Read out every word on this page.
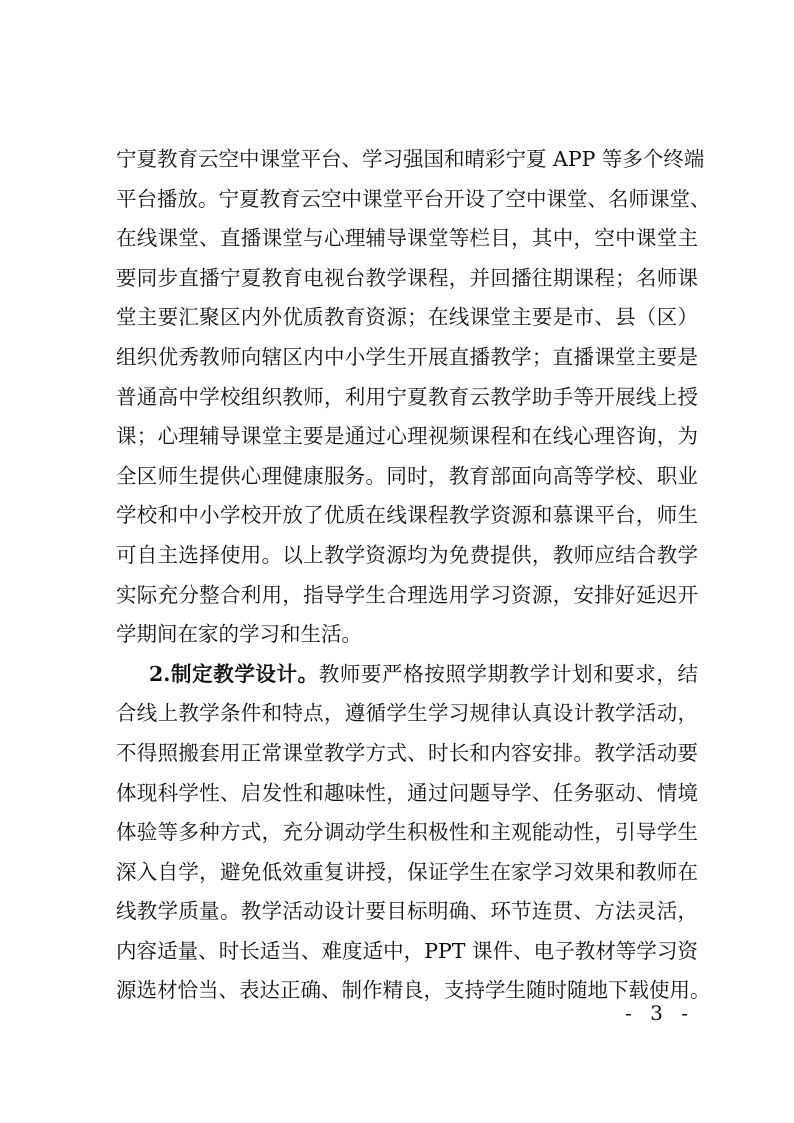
宁夏教育云空中课堂平台、学习强国和晴彩宁夏 APP 等多个终端
平台播放。宁夏教育云空中课堂平台开设了空中课堂、名师课堂、
在线课堂、直播课堂与心理辅导课堂等栏目，其中，空中课堂主
要同步直播宁夏教育电视台教学课程，并回播往期课程；名师课
堂主要汇聚区内外优质教育资源；在线课堂主要是市、县（区）
组织优秀教师向辖区内中小学生开展直播教学；直播课堂主要是
普通高中学校组织教师，利用宁夏教育云教学助手等开展线上授
课；心理辅导课堂主要是通过心理视频课程和在线心理咨询，为
全区师生提供心理健康服务。同时，教育部面向高等学校、职业
学校和中小学校开放了优质在线课程教学资源和慕课平台，师生
可自主选择使用。以上教学资源均为免费提供，教师应结合教学
实际充分整合利用，指导学生合理选用学习资源，安排好延迟开
学期间在家的学习和生活。
2.制定教学设计。教师要严格按照学期教学计划和要求，结
合线上教学条件和特点，遵循学生学习规律认真设计教学活动，
不得照搬套用正常课堂教学方式、时长和内容安排。教学活动要
体现科学性、启发性和趣味性，通过问题导学、任务驱动、情境
体验等多种方式，充分调动学生积极性和主观能动性，引导学生
深入自学，避免低效重复讲授，保证学生在家学习效果和教师在
线教学质量。教学活动设计要目标明确、环节连贯、方法灵活，
内容适量、时长适当、难度适中，PPT 课件、电子教材等学习资
源选材恰当、表达正确、制作精良，支持学生随时随地下载使用。
- 3 -
